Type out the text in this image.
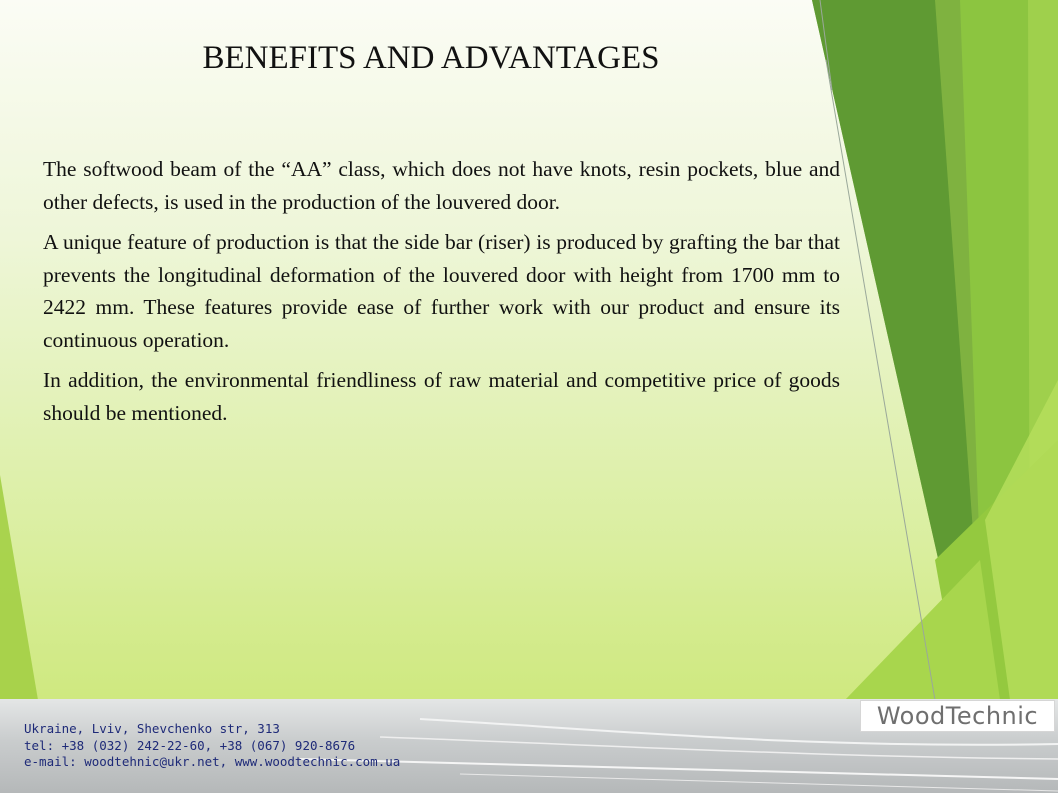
BENEFITS AND ADVANTAGES

The softwood beam of the “AA” class, which does not have knots, resin pockets, blue and other defects, is used in the production of the louvered door.

A unique feature of production is that the side bar (riser) is produced by grafting the bar that prevents the longitudinal deformation of the louvered door with height from 1700 mm to 2422 mm. These features provide ease of further work with our product and ensure its continuous operation.

In addition, the environmental friendliness of raw material and competitive price of goods should be mentioned.

Ukraine, Lviv, Shevchenko str, 313
tel: +38 (032) 242-22-60, +38 (067) 920-8676
e-mail: woodtehnic@ukr.net, www.woodtechnic.com.ua
WoodTechnic
